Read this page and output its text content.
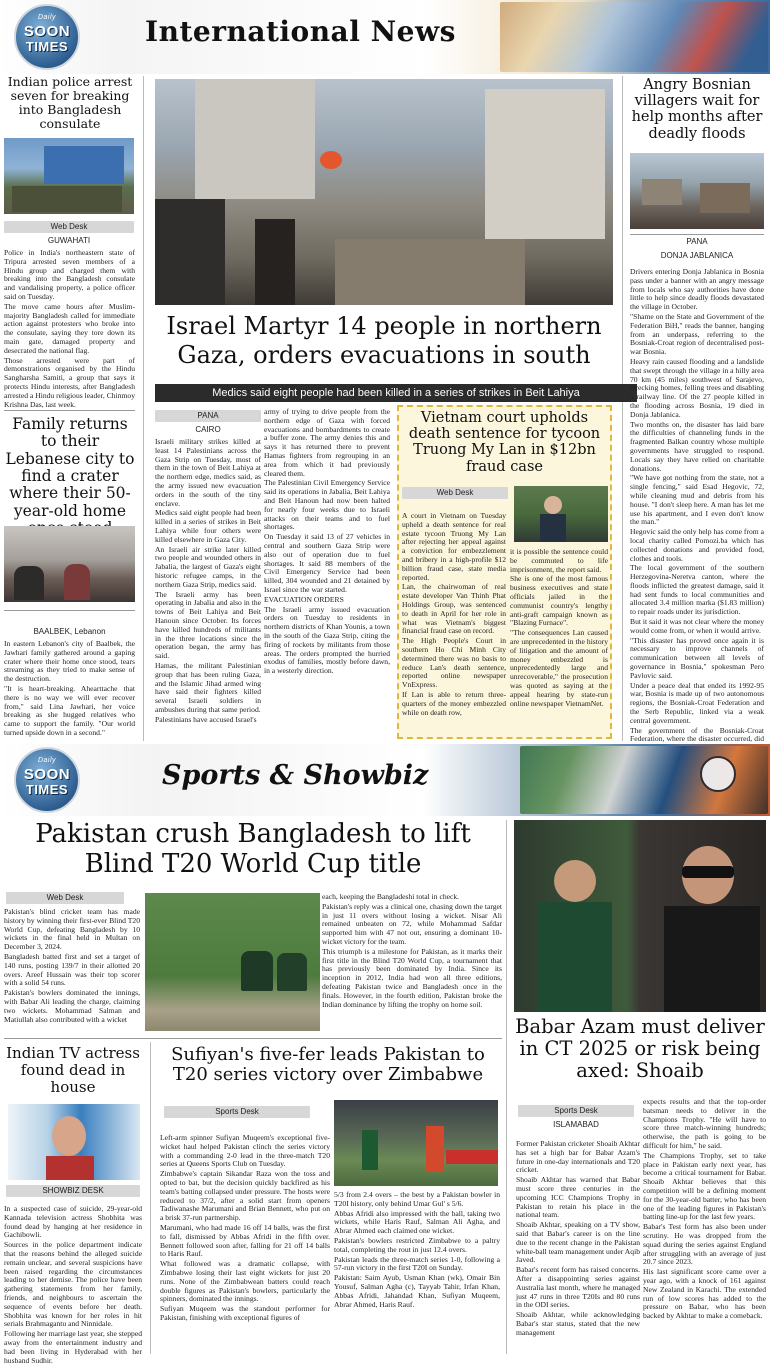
Daily
SOON
TIMES	International News
Indian police arrest seven for breaking into Bangladesh consulate
Web Desk
GUWAHATI

Police in India's northeastern state of Tripura arrested seven members of a Hindu group and charged them with breaking into the Bangladesh consulate and vandalising property, a police officer said on Tuesday.

The move came hours after Muslim-majority Bangladesh called for immediate action against protesters who broke into the consulate, saying they tore down its main gate, damaged property and desecrated the national flag.

Those arrested were part of demonstrations organised by the Hindu Sangharsha Samiti, a group that says it protects Hindu interests, after Bangladesh arrested a Hindu religious leader, Chinmoy Krishna Das, last week.

Family returns to their Lebanese city to find a crater where their 50-year-old home
BAALBEK, Lebanon

In eastern Lebanon's city of Baalbek, the Jawhari family gathered around a gaping crater where their home once stood, tears streaming as they tried to make sense of the destruction.

"It is heart-breaking. Ahearttache that there is no way we will ever recover from," said Lina Jawhari, her voice breaking as she hugged relatives who came to support the family. "Our world turned upside down in a second."

Israel Martyr 14 people in northern Gaza, orders evacuations in south
Medics said eight people had been killed in a series of strikes in Beit Lahiya
PANA
CAIRO

Israeli military strikes killed at least 14 Palestinians across the Gaza Strip on Tuesday, most of them in the town of Beit Lahiya at the northern edge, medics said, as the army issued new evacuation orders in the south of the tiny enclave.

Medics said eight people had been killed in a series of strikes in Beit Lahiya while four others were killed elsewhere in Gaza City.

An Israeli air strike later killed two people and wounded others in Jabalia, the largest of Gaza's eight historic refugee camps, in the northern Gaza Strip, medics said.

The Israeli army has been operating in Jabalia and also in the towns of Beit Lahiya and Beit Hanoun since October. Its forces have killed hundreds of militants in the three locations since the operation began, the army has said.

Hamas, the militant Palestinian group that has been ruling Gaza, and the Islamic Jihad armed wing have said their fighters killed several Israeli soldiers in ambushes during that same period.

Palestinians have accused Israel's

army of trying to drive people from the northern edge of Gaza with forced evacuations and bombardments to create a buffer zone. The army denies this and says it has returned there to prevent Hamas fighters from regrouping in an area from which it had previously cleared them.

The Palestinian Civil Emergency Service said its operations in Jabalia, Beit Lahiya and Beit Hanoun had now been halted for nearly four weeks due to Israeli attacks on their teams and to fuel shortages.

On Tuesday it said 13 of 27 vehicles in central and southern Gaza Strip were also out of operation due to fuel shortages. It said 88 members of the Civil Emergency Service had been killed, 304 wounded and 21 detained by Israel since the war started.

EVACUATION ORDERS

The Israeli army issued evacuation orders on Tuesday to residents in northern districts of Khan Younis, a town in the south of the Gaza Strip, citing the firing of rockets by militants from those areas. The orders prompted the hurried exodus of families, mostly before dawn, in a westerly direction.

Vietnam court upholds death sentence for tycoon Truong My Lan in $12bn fraud case
Web Desk

A court in Vietnam on Tuesday upheld a death sentence for real estate tycoon Truong My Lan after rejecting her appeal against a conviction for embezzlement and bribery in a high-profile $12 billion fraud case, state media reported.

Lan, the chairwoman of real estate developer Van Thinh Phat Holdings Group, was sentenced to death in April for her role in what was Vietnam's biggest financial fraud case on record.

The High People's Court in southern Ho Chi Minh City determined there was no basis to reduce Lan's death sentence, reported online newspaper VnExpress.

If Lan is able to return three-quarters of the money embezzled while on death row,

it is possible the sentence could be commuted to life imprisonment, the report said.

She is one of the most famous business executives and state officials jailed in the communist country's lengthy anti-graft campaign known as "Blazing Furnace".

"The consequences Lan caused are unprecedented in the history of litigation and the amount of money embezzled is unprecedentedly large and unrecoverable," the prosecution was quoted as saying at the appeal hearing by state-run online newspaper VietnamNet.

Angry Bosnian villagers wait for help months after deadly floods
PANA
DONJA JABLANICA

Drivers entering Donja Jablanica in Bosnia pass under a banner with an angry message from locals who say authorities have done little to help since deadly floods devastated the village in October.

"Shame on the State and Government of the Federation BiH," reads the banner, hanging from an underpass, referring to the Bosniak-Croat region of decentralised post-war Bosnia.

Heavy rain caused flooding and a landslide that swept through the village in a hilly area 70 km (45 miles) southwest of Sarajevo, wrecking homes, felling trees and disabling a railway line. Of the 27 people killed in the flooding across Bosnia, 19 died in Donja Jablanica.

Two months on, the disaster has laid bare the difficulties of channeling funds in the fragmented Balkan country whose multiple governments have struggled to respond. Locals say they have relied on charitable donations.

"We have got nothing from the state, not a single fencing," said Esad Hegovic, 72, while cleaning mud and debris from his house. "I don't sleep here. A man has let me use his apartment, and I even don't know the man."

Hegovic said the only help has come from a local charity called Pomozi.ba which has collected donations and provided food, clothes and tools.

The local government of the southern Herzegovina-Neretva canton, where the floods inflicted the greatest damage, said it had sent funds to local communities and allocated 3.4 million marka ($1.83 million) to repair roads under its jurisdiction.

But it said it was not clear where the money would come from, or when it would arrive.

"This disaster has proved once again it is necessary to improve channels of communication between all levels of governance in Bosnia," spokesman Pero Pavlovic said.

Under a peace deal that ended its 1992-95 war, Bosnia is made up of two autonomous regions, the Bosniak-Croat Federation and the Serb Republic, linked via a weak central government.

The government of the Bosniak-Croat Federation, where the disaster occurred, did

Daily
SOON
TIMES	Sports & Showbiz
Pakistan crush Bangladesh to lift Blind T20 World Cup title
Web Desk

Pakistan's blind cricket team has made history by winning their first-ever Blind T20 World Cup, defeating Bangladesh by 10 wickets in the final held in Multan on December 3, 2024.

Bangladesh batted first and set a target of 140 runs, posting 139/7 in their allotted 20 overs. Areef Hussain was their top scorer with a solid 54 runs.

Pakistan's bowlers dominated the innings, with Babar Ali leading the charge, claiming two wickets. Mohammad Salman and Matiullah also contributed with a wicket

each, keeping the Bangladeshi total in check.

Pakistan's reply was a clinical one, chasing down the target in just 11 overs without losing a wicket. Nisar Ali remained unbeaten on 72, while Mohammad Safdar supported him with 47 not out, ensuring a dominant 10-wicket victory for the team.

This triumph is a milestone for Pakistan, as it marks their first title in the Blind T20 World Cup, a tournament that has previously been dominated by India. Since its inception in 2012, India had won all three editions, defeating Pakistan twice and Bangladesh once in the finals. However, in the fourth edition, Pakistan broke the Indian dominance by lifting the trophy on home soil.

Babar Azam must deliver in CT 2025 or risk being axed: Shoaib
Indian TV actress found dead in house
SHOWBIZ DESK

In a suspected case of suicide, 29-year-old Kannada television actress Shobhita was found dead by hanging at her residence in Gachibowli.

Sources in the police department indicate that the reasons behind the alleged suicide remain unclear, and several suspicions have been raised regarding the circumstances leading to her demise. The police have been gathering statements from her family, friends, and neighbours to ascertain the sequence of events before her death. Shobhita was known for her roles in hit serials Brahmagantu and Ninnidale.

Following her marriage last year, she stepped away from the entertainment industry and had been living in Hyderabad with her husband Sudhir.

Sufiyan's five-fer leads Pakistan to T20 series victory over Zimbabwe
Sports Desk

Left-arm spinner Sufiyan Muqeem's exceptional five-wicket haul helped Pakistan clinch the series victory with a commanding 2-0 lead in the three-match T20 series at Queens Sports Club on Tuesday.

Zimbabwe's captain Sikandar Raza won the toss and opted to bat, but the decision quickly backfired as his team's batting collapsed under pressure. The hosts were reduced to 37/2, after a solid start from openers Tadiwanashe Marumani and Brian Bennett, who put on a brisk 37-run partnership.

Marumani, who had made 16 off 14 balls, was the first to fall, dismissed by Abbas Afridi in the fifth over. Bennett followed soon after, falling for 21 off 14 balls to Haris Rauf.

What followed was a dramatic collapse, with Zimbabwe losing their last eight wickets for just 20 runs. None of the Zimbabwean batters could reach double figures as Pakistan's bowlers, particularly the spinners, dominated the innings.

Sufiyan Muqeem was the standout performer for Pakistan, finishing with exceptional figures of

5/3 from 2.4 overs – the best by a Pakistan bowler in T20I history, only behind Umar Gul' s 5/6.

Abbas Afridi also impressed with the ball, taking two wickets, while Haris Rauf, Salman Ali Agha, and Abrar Ahmed each claimed one wicket.

Pakistan's bowlers restricted Zimbabwe to a paltry total, completing the rout in just 12.4 overs.

Pakistan leads the three-match series 1-0, following a 57-run victory in the first T20I on Sunday.

Pakistan: Saim Ayub, Usman Khan (wk), Omair Bin Yousuf, Salman Agha (c), Tayyab Tahir, Irfan Khan, Abbas Afridi, Jahandad Khan, Sufiyan Muqeem, Abrar Ahmed, Haris Rauf.

Sports Desk
ISLAMABAD

Former Pakistan cricketer Shoaib Akhtar has set a high bar for Babar Azam's future in one-day internationals and T20 cricket.

Shoaib Akhtar has warned that Babar must score three centuries in the upcoming ICC Champions Trophy in Pakistan to retain his place in the national team.

Shoaib Akhtar, speaking on a TV show, said that Babar's career is on the line due to the recent change in the Pakistan white-ball team management under Aqib Javed.

Babar's recent form has raised concerns. After a disappointing series against Australia last month, where he managed just 47 runs in three T20Is and 80 runs in the ODI series.

Shoaib Akhtar, while acknowledging Babar's star status, stated that the new management

expects results and that the top-order batsman needs to deliver in the Champions Trophy. "He will have to score three match-winning hundreds; otherwise, the path is going to be difficult for him," he said.

The Champions Trophy, set to take place in Pakistan early next year, has become a critical tournament for Babar. Shoaib Akhtar believes that this competition will be a defining moment for the 30-year-old batter, who has been one of the leading figures in Pakistan's batting line-up for the last few years.

Babar's Test form has also been under scrutiny. He was dropped from the squad during the series against England after struggling with an average of just 20.7 since 2023.

His last significant score came over a year ago, with a knock of 161 against New Zealand in Karachi. The extended run of low scores has added to the pressure on Babar, who has been backed by Akhtar to make a comeback.
